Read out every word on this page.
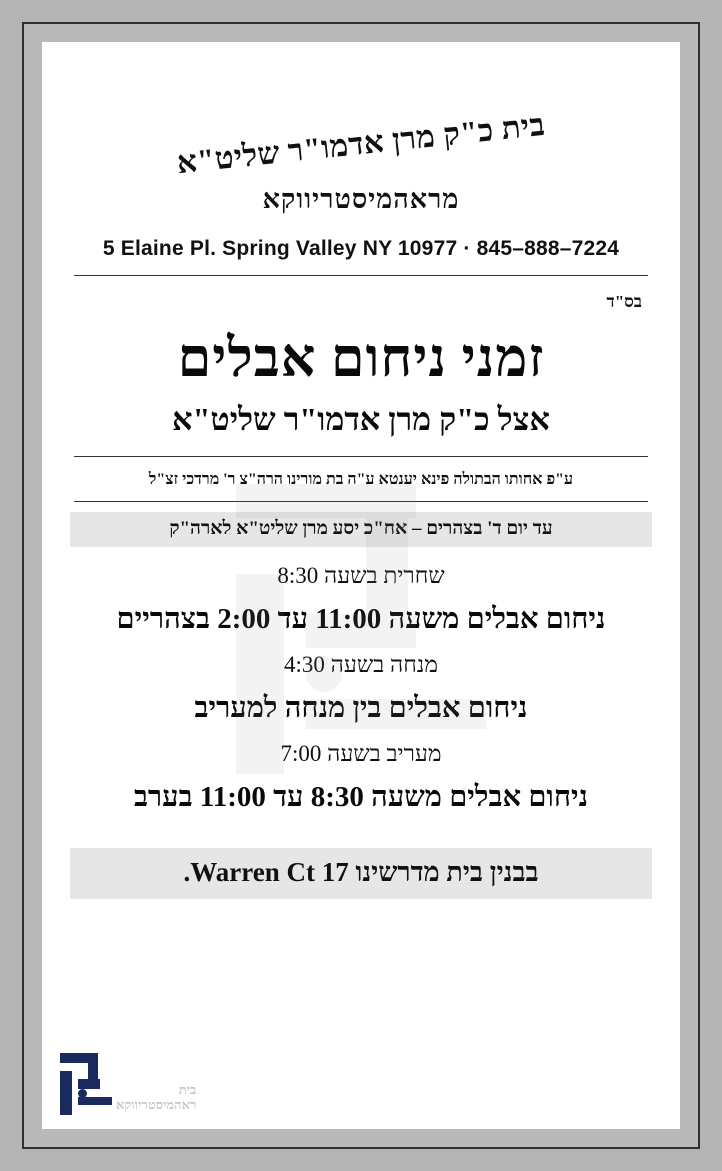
בית כ"ק מרן אדמו"ר שליט"א
מראהמיסטריווקא
5 Elaine Pl. Spring Valley NY 10977 · 845–888–7224
בס"ד
זמני ניחום אבלים
אצל כ"ק מרן אדמו"ר שליט"א
ע"פ אחותו הבתולה פינא יענטא ע"ה בת מורינו הרה"צ ר' מרדכי זצ"ל
עד יום ד' בצהרים – אח"כ יסע מרן שליט"א לארה"ק
שחרית בשעה 8:30
ניחום אבלים משעה 11:00 עד 2:00 בצהריים
מנחה בשעה 4:30
ניחום אבלים בין מנחה למעריב
מעריב בשעה 7:00
ניחום אבלים משעה 8:30 עד 11:00 בערב
בבנין בית מדרשינו 17 Warren Ct.
בית
ראהמיסטריווקא
